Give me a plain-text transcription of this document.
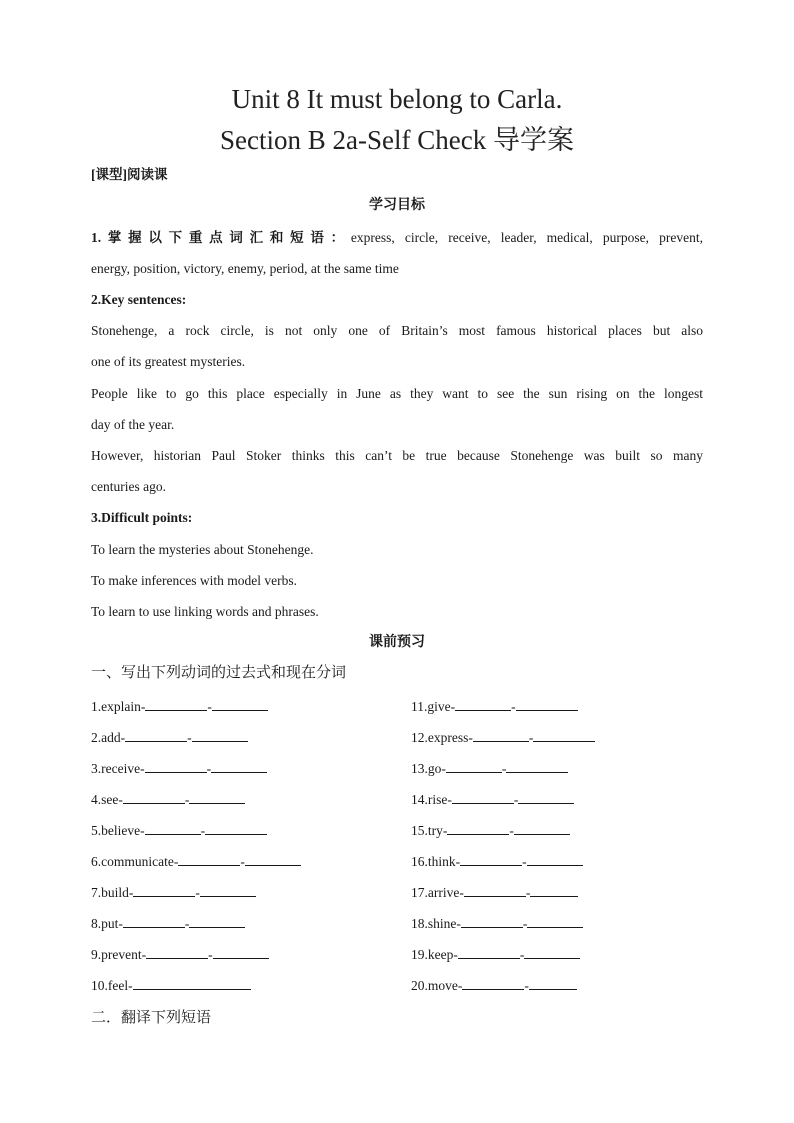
Unit 8 It must belong to Carla.
Section B 2a-Self Check 导学案
[课型]阅读课
学习目标
1.掌握以下重点词汇和短语：express, circle, receive, leader, medical, purpose, prevent,
energy, position, victory, enemy, period, at the same time
2.Key sentences:
Stonehenge, a rock circle, is not only one of Britain’s most famous historical places but also
one of its greatest mysteries.
People like to go this place especially in June as they want to see the sun rising on the longest
day of the year.
However, historian Paul Stoker thinks this can’t be true because Stonehenge was built so many
centuries ago.
3.Difficult points:
To learn the mysteries about Stonehenge.
To make inferences with model verbs.
To learn to use linking words and phrases.
课前预习
一、写出下列动词的过去式和现在分词
1.explain-	-
2.add-	-
3.receive-	-
4.see-	-
5.believe-	-
6.communicate-	-
7.build-	-
8.put-	-
9.prevent-	-
10.feel-
11.give-	-
12.express-	-
13.go-	-
14.rise-	-
15.try-	-
16.think-	-
17.arrive-	-
18.shine-	-
19.keep-	-
20.move-	-
二．翻译下列短语
